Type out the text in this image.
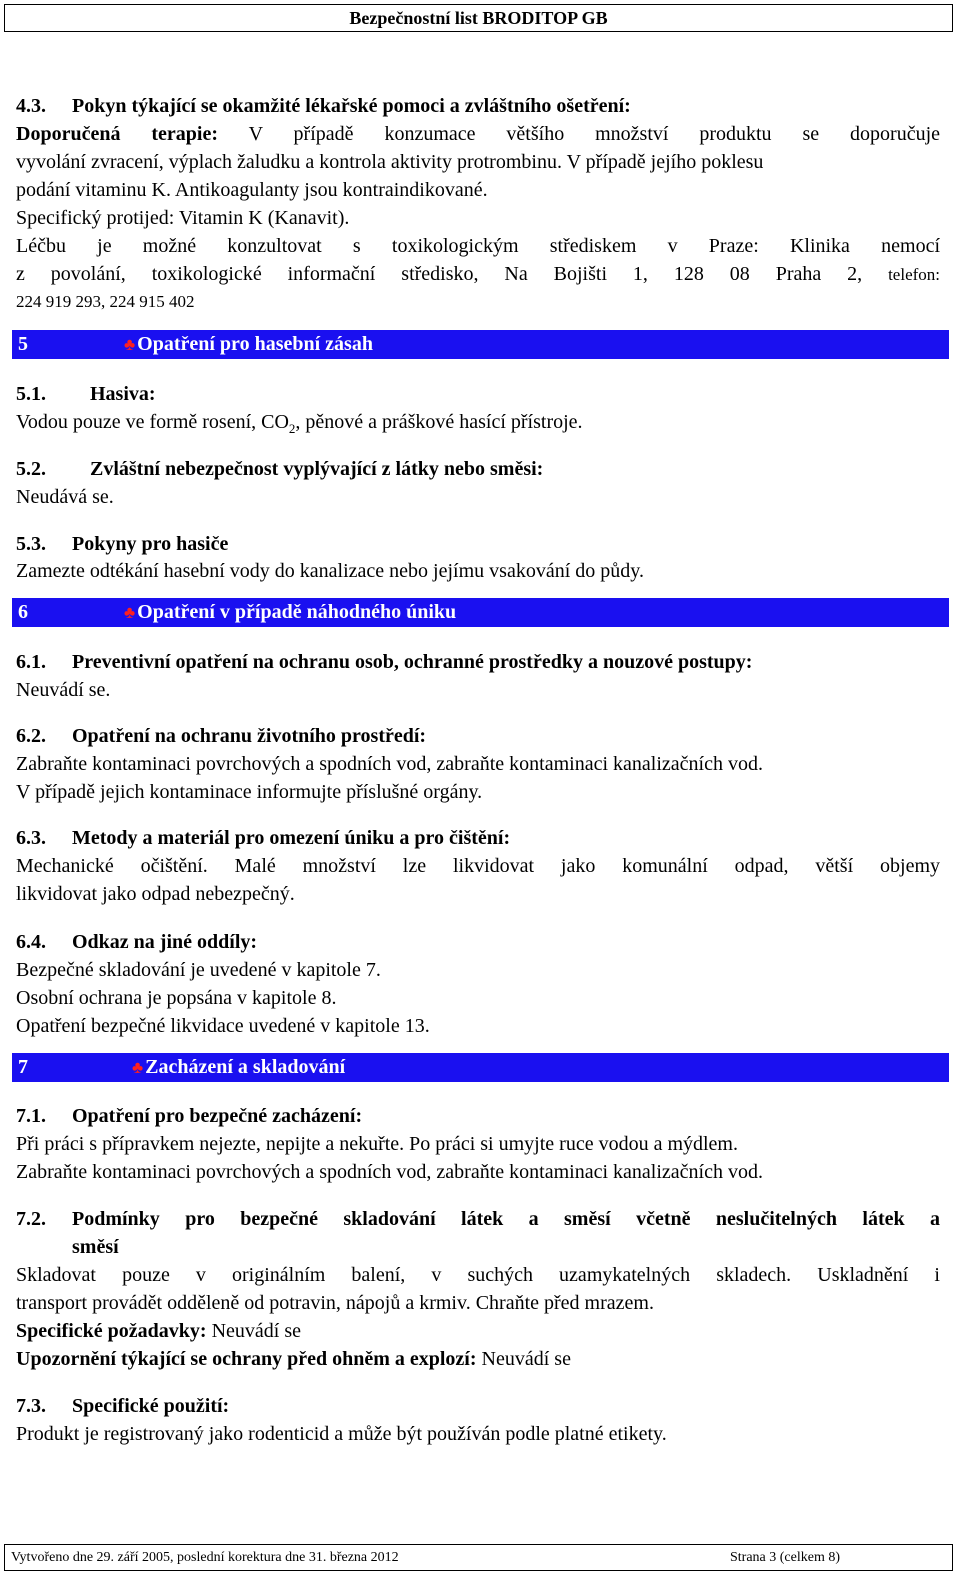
Bezpečnostní list BRODITOP GB
4.3. Pokyn týkající se okamžité lékařské pomoci a zvláštního ošetření:
Doporučená terapie: V případě konzumace většího množství produktu se doporučuje
vyvolání zvracení, výplach žaludku a kontrola aktivity protrombinu. V případě jejího poklesu
podání vitaminu K. Antikoagulanty jsou kontraindikované.
Specifický protijed: Vitamin K (Kanavit).
Léčbu je možné konzultovat s toxikologickým střediskem v Praze: Klinika nemocí
z povolání, toxikologické informační středisko, Na Bojišti 1, 128 08 Praha 2, telefon:
224 919 293, 224 915 402
5	♣ Opatření pro hasební zásah
5.1. Hasiva:
Vodou pouze ve formě rosení, $CO_2$, pěnové a práškové hasící přístroje.
5.2. Zvláštní nebezpečnost vyplývající z látky nebo směsi:
Neudává se.
5.3. Pokyny pro hasiče
Zamezte odtékání hasební vody do kanalizace nebo jejímu vsakování do půdy.
6	♣ Opatření v případě náhodného úniku
6.1. Preventivní opatření na ochranu osob, ochranné prostředky a nouzové postupy:
Neuvádí se.
6.2. Opatření na ochranu životního prostředí:
Zabraňte kontaminaci povrchových a spodních vod, zabraňte kontaminaci kanalizačních vod.
V případě jejich kontaminace informujte příslušné orgány.
6.3. Metody a materiál pro omezení úniku a pro čištění:
Mechanické očištění. Malé množství lze likvidovat jako komunální odpad, větší objemy
likvidovat jako odpad nebezpečný.
6.4. Odkaz na jiné oddíly:
Bezpečné skladování je uvedené v kapitole 7.
Osobní ochrana je popsána v kapitole 8.
Opatření bezpečné likvidace uvedené v kapitole 13.
7	♣ Zacházení a skladování
7.1. Opatření pro bezpečné zacházení:
Při práci s přípravkem nejezte, nepijte a nekuřte. Po práci si umyjte ruce vodou a mýdlem.
Zabraňte kontaminaci povrchových a spodních vod, zabraňte kontaminaci kanalizačních vod.
7.2. Podmínky pro bezpečné skladování látek a směsí včetně neslučitelných látek a
směsí
Skladovat pouze v originálním balení, v suchých uzamykatelných skladech. Uskladnění i
transport provádět odděleně od potravin, nápojů a krmiv. Chraňte před mrazem.
Specifické požadavky: Neuvádí se
Upozornění týkající se ochrany před ohněm a explozí: Neuvádí se
7.3. Specifické použití:
Produkt je registrovaný jako rodenticid a může být používán podle platné etikety.
Vytvořeno dne 29. září 2005, poslední korektura dne 31. března 2012	Strana 3 (celkem 8)
